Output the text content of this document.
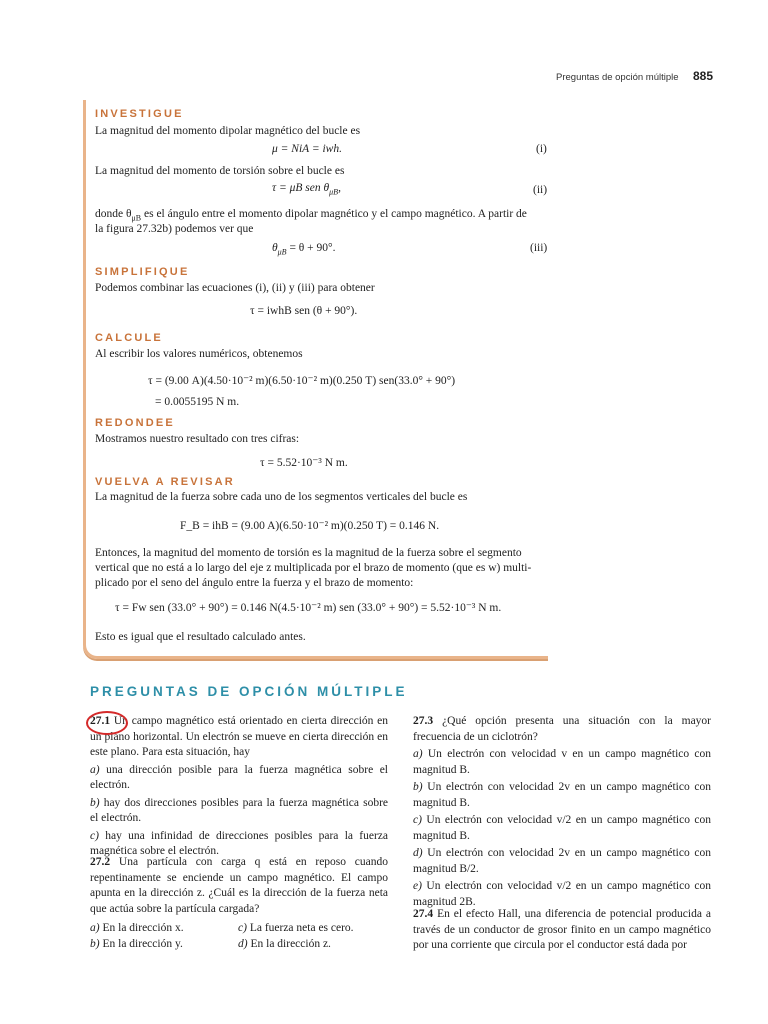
Preguntas de opción múltiple 885
INVESTIGUE
La magnitud del momento dipolar magnético del bucle es
μ = NiA = iwh.	(i)
La magnitud del momento de torsión sobre el bucle es
τ = μB sen $\theta_{\mu B}$,	(ii)
donde $\theta_{\mu B}$ es el ángulo entre el momento dipolar magnético y el campo magnético. A partir de
la figura 27.32b) podemos ver que
$\theta_{\mu B} = \theta + 90^\circ$.	(iii)
SIMPLIFIQUE
Podemos combinar las ecuaciones (i), (ii) y (iii) para obtener
τ = iwhB sen (θ + 90°).
CALCULE
Al escribir los valores numéricos, obtenemos
τ = (9.00 A)(4.50·10⁻² m)(6.50·10⁻² m)(0.250 T) sen(33.0° + 90°)
= 0.0055195 N m.
REDONDEE
Mostramos nuestro resultado con tres cifras:
τ = 5.52·10⁻³ N m.
VUELVA A REVISAR
La magnitud de la fuerza sobre cada uno de los segmentos verticales del bucle es
F_B = ihB = (9.00 A)(6.50·10⁻² m)(0.250 T) = 0.146 N.
Entonces, la magnitud del momento de torsión es la magnitud de la fuerza sobre el segmento
vertical que no está a lo largo del eje z multiplicada por el brazo de momento (que es w) multi-
plicado por el seno del ángulo entre la fuerza y el brazo de momento:
τ = Fw sen (33.0° + 90°) = 0.146 N(4.5·10⁻² m) sen (33.0° + 90°) = 5.52·10⁻³ N m.
Esto es igual que el resultado calculado antes.
PREGUNTAS DE OPCIÓN MÚLTIPLE
27.1 Un campo magnético está orientado en cierta dirección en un plano horizontal. Un electrón se mueve en cierta dirección en este plano. Para esta situación, hay
a) una dirección posible para la fuerza magnética sobre el electrón.
b) hay dos direcciones posibles para la fuerza magnética sobre el electrón.
c) hay una infinidad de direcciones posibles para la fuerza magnética sobre el electrón.
27.2 Una partícula con carga q está en reposo cuando repentinamente se enciende un campo magnético. El campo apunta en la dirección z. ¿Cuál es la dirección de la fuerza neta que actúa sobre la partícula cargada?
a) En la dirección x.	c) La fuerza neta es cero.
b) En la dirección y.	d) En la dirección z.
27.3 ¿Qué opción presenta una situación con la mayor frecuencia de un ciclotrón?
a) Un electrón con velocidad v en un campo magnético con magnitud B.
b) Un electrón con velocidad 2v en un campo magnético con magnitud B.
c) Un electrón con velocidad v/2 en un campo magnético con magnitud B.
d) Un electrón con velocidad 2v en un campo magnético con magnitud B/2.
e) Un electrón con velocidad v/2 en un campo magnético con magnitud 2B.
27.4 En el efecto Hall, una diferencia de potencial producida a través de un conductor de grosor finito en un campo magnético por una corriente que circula por el conductor está dada por
